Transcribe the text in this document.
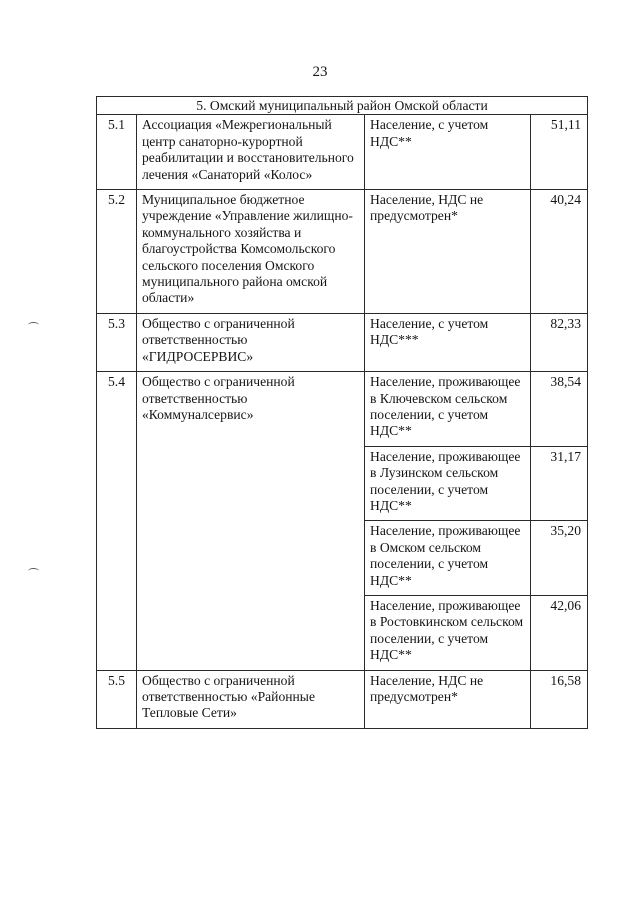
23
5. Омский муниципальный район Омской области			
5.1	Ассоциация «Межрегиональный центр санаторно-курортной реабилитации и восстановительного лечения «Санаторий «Колос»	Население, с учетом НДС**	51,11
5.2	Муниципальное бюджетное учреждение «Управление жилищно-коммунального хозяйства и благоустройства Комсомольского сельского поселения Омского муниципального района омской области»	Население, НДС не предусмотрен*	40,24
5.3	Общество с ограниченной ответственностью «ГИДРОСЕРВИС»	Население, с учетом НДС***	82,33
5.4	Общество с ограниченной ответственностью «Коммуналсервис»	Население, проживающее в Ключевском сельском поселении, с учетом НДС**	38,54
		Население, проживающее в Лузинском сельском поселении, с учетом НДС**	31,17
		Население, проживающее в Омском сельском поселении, с учетом НДС**	35,20
		Население, проживающее в Ростовкинском сельском поселении, с учетом НДС**	42,06
5.5	Общество с ограниченной ответственностью «Районные Тепловые Сети»	Население, НДС не предусмотрен*	16,58
